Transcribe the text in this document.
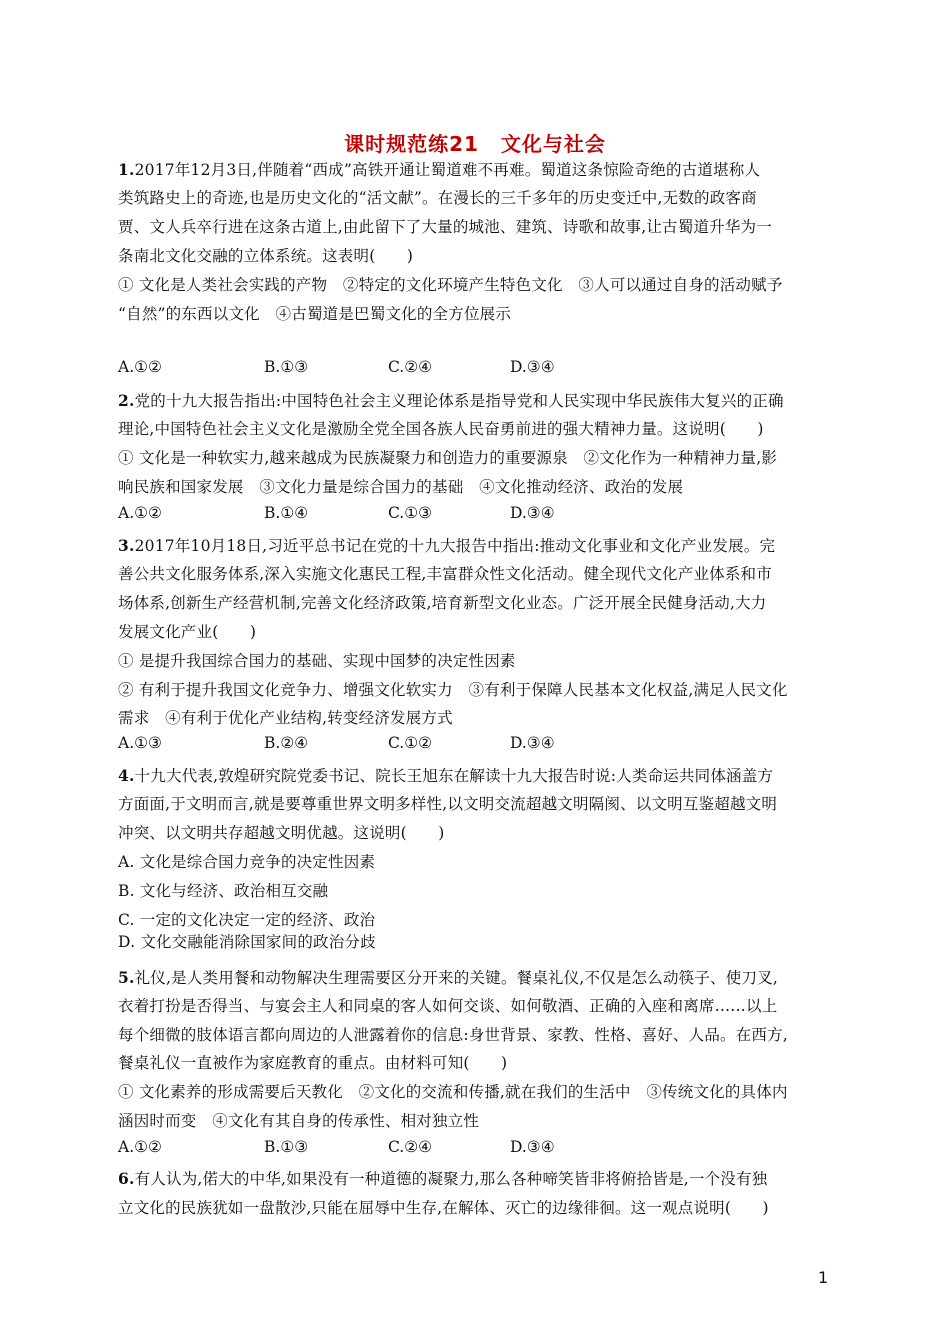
课时规范练21 文化与社会
1.2017年12月3日,伴随着“西成”高铁开通让蜀道难不再难。蜀道这条惊险奇绝的古道堪称人
类筑路史上的奇迹,也是历史文化的“活文献”。在漫长的三千多年的历史变迁中,无数的政客商
贾、文人兵卒行进在这条古道上,由此留下了大量的城池、建筑、诗歌和故事,让古蜀道升华为一
条南北文化交融的立体系统。这表明(　　)
① 文化是人类社会实践的产物　②特定的文化环境产生特色文化　③人可以通过自身的活动赋予
“自然”的东西以文化　④古蜀道是巴蜀文化的全方位展示
A.①②	B.①③	C.②④	D.③④
2.党的十九大报告指出:中国特色社会主义理论体系是指导党和人民实现中华民族伟大复兴的正确
理论,中国特色社会主义文化是激励全党全国各族人民奋勇前进的强大精神力量。这说明(　　)
① 文化是一种软实力,越来越成为民族凝聚力和创造力的重要源泉　②文化作为一种精神力量,影
响民族和国家发展　③文化力量是综合国力的基础　④文化推动经济、政治的发展
A.①②	B.①④	C.①③	D.③④
3.2017年10月18日,习近平总书记在党的十九大报告中指出:推动文化事业和文化产业发展。完
善公共文化服务体系,深入实施文化惠民工程,丰富群众性文化活动。健全现代文化产业体系和市
场体系,创新生产经营机制,完善文化经济政策,培育新型文化业态。广泛开展全民健身活动,大力
发展文化产业(　　)
① 是提升我国综合国力的基础、实现中国梦的决定性因素
② 有利于提升我国文化竞争力、增强文化软实力　③有利于保障人民基本文化权益,满足人民文化
需求　④有利于优化产业结构,转变经济发展方式
A.①③	B.②④	C.①②	D.③④
4.十九大代表,敦煌研究院党委书记、院长王旭东在解读十九大报告时说:人类命运共同体涵盖方
方面面,于文明而言,就是要尊重世界文明多样性,以文明交流超越文明隔阂、以文明互鉴超越文明
冲突、以文明共存超越文明优越。这说明(　　)
A. 文化是综合国力竞争的决定性因素
B. 文化与经济、政治相互交融
C. 一定的文化决定一定的经济、政治
D. 文化交融能消除国家间的政治分歧
5.礼仪,是人类用餐和动物解决生理需要区分开来的关键。餐桌礼仪,不仅是怎么动筷子、使刀叉,
衣着打扮是否得当、与宴会主人和同桌的客人如何交谈、如何敬酒、正确的入座和离席……以上
每个细微的肢体语言都向周边的人泄露着你的信息:身世背景、家教、性格、喜好、人品。在西方,
餐桌礼仪一直被作为家庭教育的重点。由材料可知(　　)
① 文化素养的形成需要后天教化　②文化的交流和传播,就在我们的生活中　③传统文化的具体内
涵因时而变　④文化有其自身的传承性、相对独立性
A.①②	B.①③	C.②④	D.③④
6.有人认为,偌大的中华,如果没有一种道德的凝聚力,那么各种啼笑皆非将俯拾皆是,一个没有独
立文化的民族犹如一盘散沙,只能在屈辱中生存,在解体、灭亡的边缘徘徊。这一观点说明(　　)
1
